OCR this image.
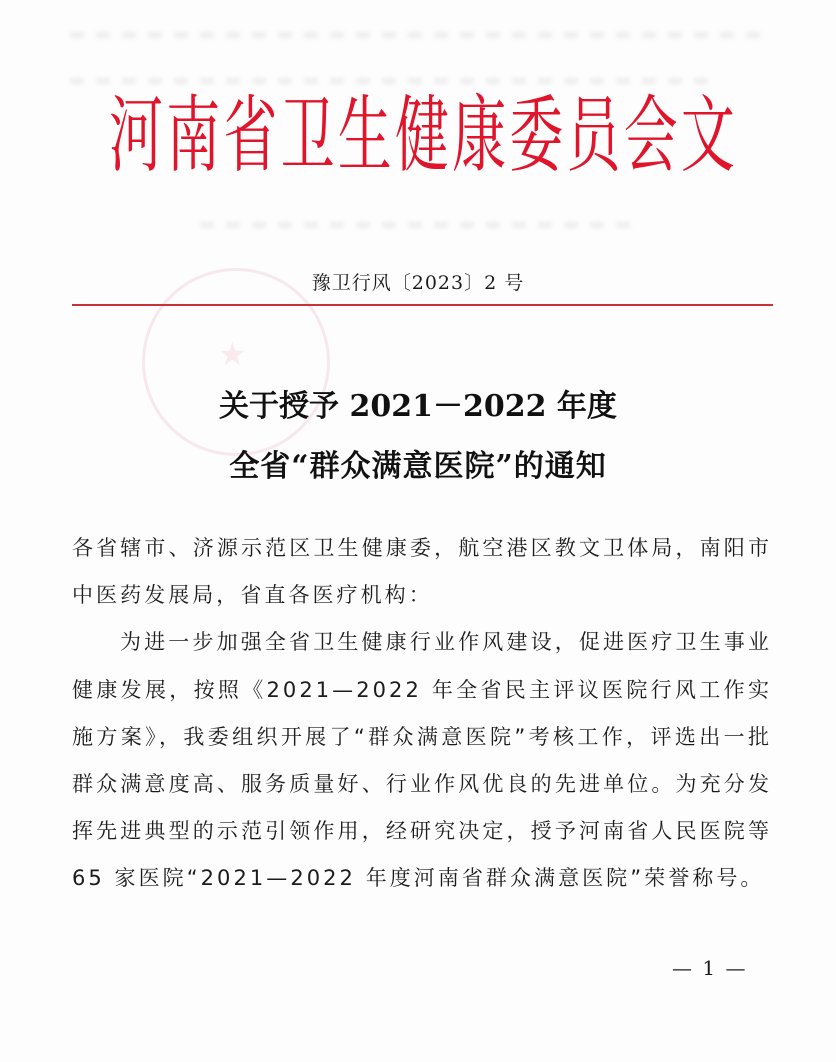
★
河 南 省 卫 生 健 康 委 员 会 文
豫卫行风〔2023〕2 号
关于授予 2021－2022 年度
全省“群众满意医院”的通知

各省辖市、济源示范区卫生健康委，航空港区教文卫体局，南阳市中医药发展局，省直各医疗机构：

为进一步加强全省卫生健康行业作风建设，促进医疗卫生事业健康发展，按照《2021—2022 年全省民主评议医院行风工作实施方案》，我委组织开展了“群众满意医院”考核工作，评选出一批群众满意度高、服务质量好、行业作风优良的先进单位。为充分发挥先进典型的示范引领作用，经研究决定，授予河南省人民医院等 65 家医院“2021—2022 年度河南省群众满意医院”荣誉称号。

— 1 —
